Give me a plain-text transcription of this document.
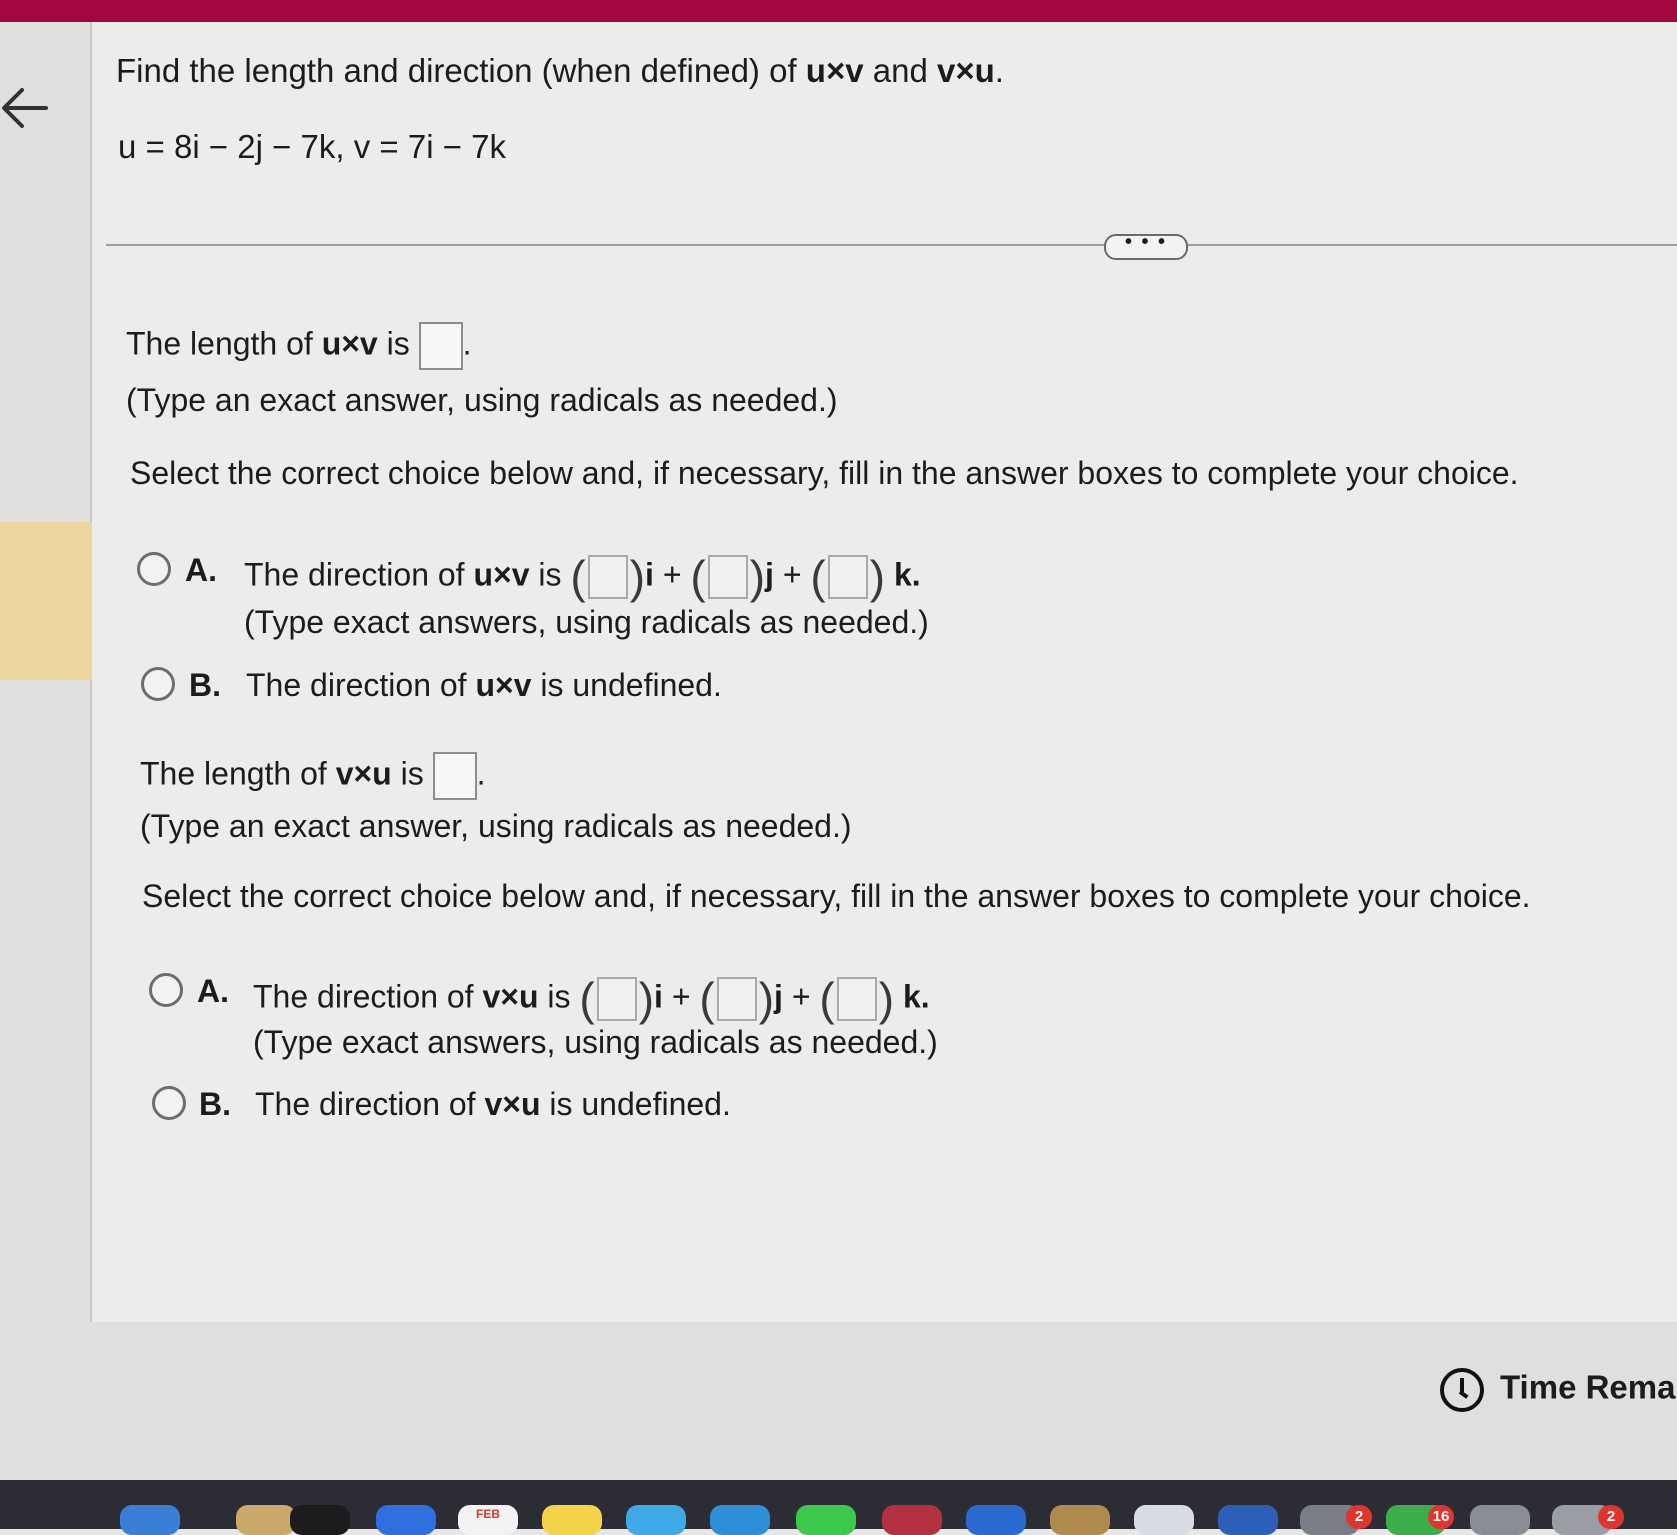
Find the length and direction (when defined) of u×v and v×u.
u = 8i − 2j − 7k, v = 7i − 7k
• • •
The length of u×v is .
(Type an exact answer, using radicals as needed.)
Select the correct choice below and, if necessary, fill in the answer boxes to complete your choice.
A. The direction of u×v is ( )i + ( )j + ( ) k.
(Type exact answers, using radicals as needed.)
B. The direction of u×v is undefined.
The length of v×u is .
(Type an exact answer, using radicals as needed.)
Select the correct choice below and, if necessary, fill in the answer boxes to complete your choice.
A. The direction of v×u is ( )i + ( )j + ( ) k.
(Type exact answers, using radicals as needed.)
B. The direction of v×u is undefined.
Time Rema
FEB	2	16	2
